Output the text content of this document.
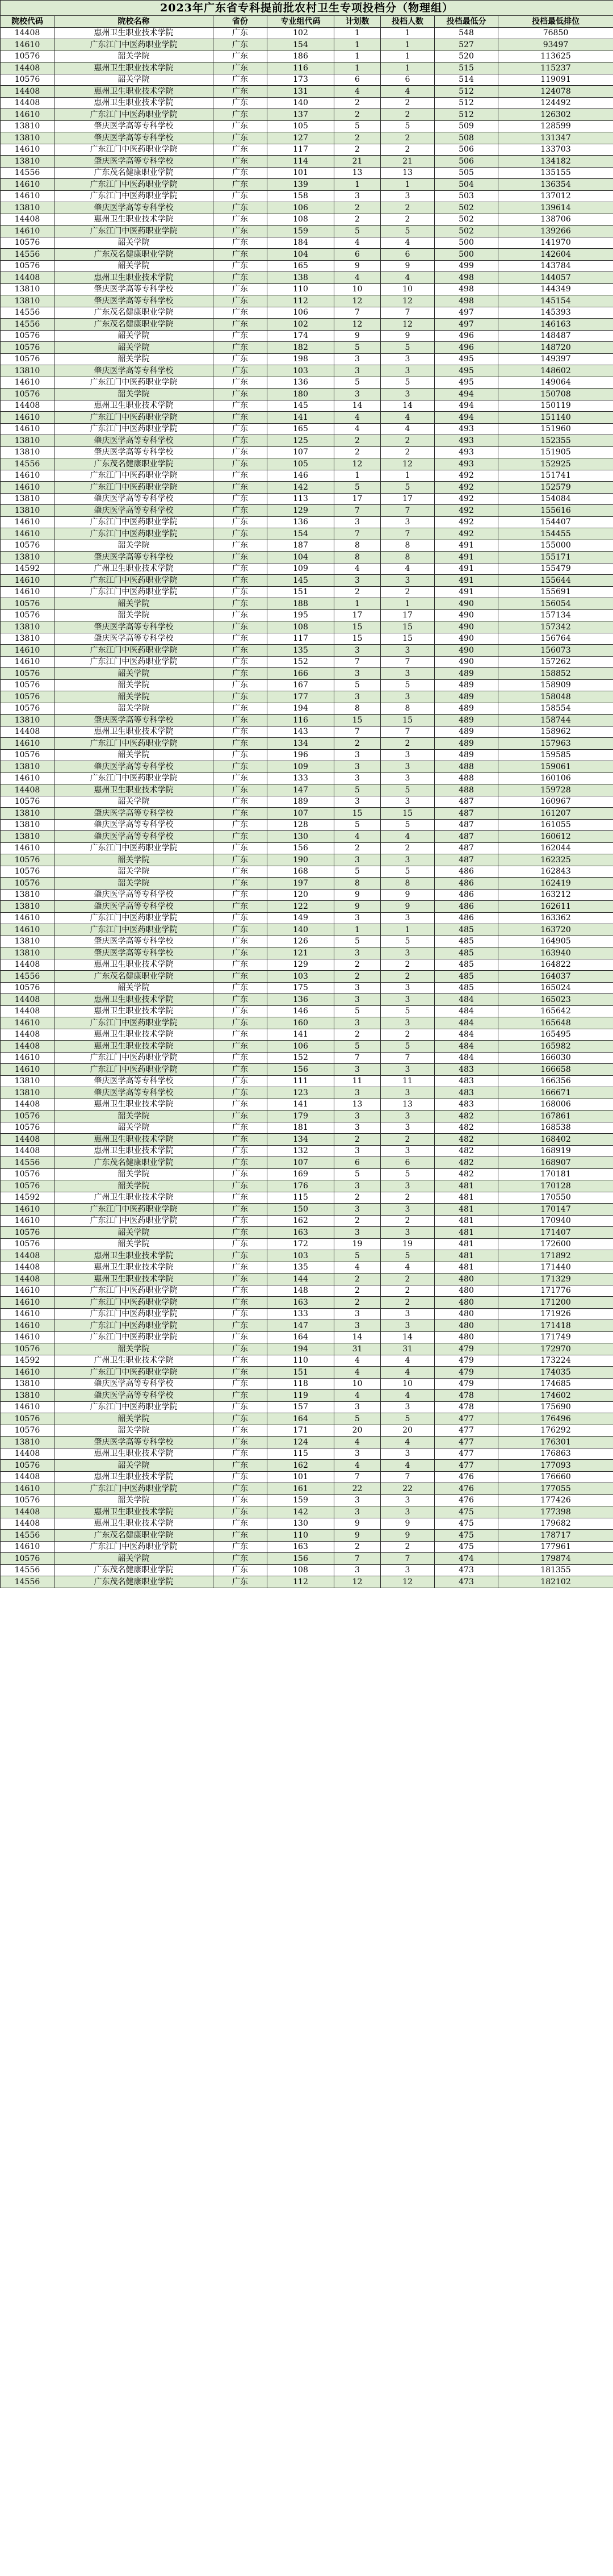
2023年广东省专科提前批农村卫生专项投档分（物理组）							
院校代码	院校名称	省份	专业组代码	计划数	投档人数	投档最低分	投档最低排位
14408	惠州卫生职业技术学院	广东	102	1	1	548	76850
14610	广东江门中医药职业学院	广东	154	1	1	527	93497
10576	韶关学院	广东	186	1	1	520	113625
14408	惠州卫生职业技术学院	广东	116	1	1	515	115237
10576	韶关学院	广东	173	6	6	514	119091
14408	惠州卫生职业技术学院	广东	131	4	4	512	124078
14408	惠州卫生职业技术学院	广东	140	2	2	512	124492
14610	广东江门中医药职业学院	广东	137	2	2	512	126302
13810	肇庆医学高等专科学校	广东	105	5	5	509	128599
13810	肇庆医学高等专科学校	广东	127	2	2	508	131347
14610	广东江门中医药职业学院	广东	117	2	2	506	133703
13810	肇庆医学高等专科学校	广东	114	21	21	506	134182
14556	广东茂名健康职业学院	广东	101	13	13	505	135155
14610	广东江门中医药职业学院	广东	139	1	1	504	136354
14610	广东江门中医药职业学院	广东	158	3	3	503	137012
13810	肇庆医学高等专科学校	广东	106	2	2	502	139614
14408	惠州卫生职业技术学院	广东	108	2	2	502	138706
14610	广东江门中医药职业学院	广东	159	5	5	502	139266
10576	韶关学院	广东	184	4	4	500	141970
14556	广东茂名健康职业学院	广东	104	6	6	500	142604
10576	韶关学院	广东	165	9	9	499	143784
14408	惠州卫生职业技术学院	广东	138	4	4	498	144057
13810	肇庆医学高等专科学校	广东	110	10	10	498	144349
13810	肇庆医学高等专科学校	广东	112	12	12	498	145154
14556	广东茂名健康职业学院	广东	106	7	7	497	145393
14556	广东茂名健康职业学院	广东	102	12	12	497	146163
10576	韶关学院	广东	174	9	9	496	148487
10576	韶关学院	广东	182	5	5	496	148720
10576	韶关学院	广东	198	3	3	495	149397
13810	肇庆医学高等专科学校	广东	103	3	3	495	148602
14610	广东江门中医药职业学院	广东	136	5	5	495	149064
10576	韶关学院	广东	180	3	3	494	150708
14408	惠州卫生职业技术学院	广东	145	14	14	494	150119
14610	广东江门中医药职业学院	广东	141	4	4	494	151140
14610	广东江门中医药职业学院	广东	165	4	4	493	151960
13810	肇庆医学高等专科学校	广东	125	2	2	493	152355
13810	肇庆医学高等专科学校	广东	107	2	2	493	151905
14556	广东茂名健康职业学院	广东	105	12	12	493	152925
14610	广东江门中医药职业学院	广东	146	1	1	492	151741
14610	广东江门中医药职业学院	广东	142	5	5	492	152579
13810	肇庆医学高等专科学校	广东	113	17	17	492	154084
13810	肇庆医学高等专科学校	广东	129	7	7	492	155616
14610	广东江门中医药职业学院	广东	136	3	3	492	154407
14610	广东江门中医药职业学院	广东	154	7	7	492	154455
10576	韶关学院	广东	187	8	8	491	155000
13810	肇庆医学高等专科学校	广东	104	8	8	491	155171
14592	广州卫生职业技术学院	广东	109	4	4	491	155479
14610	广东江门中医药职业学院	广东	145	3	3	491	155644
14610	广东江门中医药职业学院	广东	151	2	2	491	155691
10576	韶关学院	广东	188	1	1	490	156054
10576	韶关学院	广东	195	17	17	490	157134
13810	肇庆医学高等专科学校	广东	108	15	15	490	157342
13810	肇庆医学高等专科学校	广东	117	15	15	490	156764
14610	广东江门中医药职业学院	广东	135	3	3	490	156073
14610	广东江门中医药职业学院	广东	152	7	7	490	157262
10576	韶关学院	广东	166	3	3	489	158852
10576	韶关学院	广东	167	5	5	489	158909
10576	韶关学院	广东	177	3	3	489	158048
10576	韶关学院	广东	194	8	8	489	158554
13810	肇庆医学高等专科学校	广东	116	15	15	489	158744
14408	惠州卫生职业技术学院	广东	143	7	7	489	158962
14610	广东江门中医药职业学院	广东	134	2	2	489	157963
10576	韶关学院	广东	196	3	3	489	159585
13810	肇庆医学高等专科学校	广东	109	3	3	488	159061
14610	广东江门中医药职业学院	广东	133	3	3	488	160106
14408	惠州卫生职业技术学院	广东	147	5	5	488	159728
10576	韶关学院	广东	189	3	3	487	160967
13810	肇庆医学高等专科学校	广东	107	15	15	487	161207
13810	肇庆医学高等专科学校	广东	128	5	5	487	161055
13810	肇庆医学高等专科学校	广东	130	4	4	487	160612
14610	广东江门中医药职业学院	广东	156	2	2	487	162044
10576	韶关学院	广东	190	3	3	487	162325
10576	韶关学院	广东	168	5	5	486	162843
10576	韶关学院	广东	197	8	8	486	162419
13810	肇庆医学高等专科学校	广东	120	9	9	486	163212
13810	肇庆医学高等专科学校	广东	122	9	9	486	162611
14610	广东江门中医药职业学院	广东	149	3	3	486	163362
14610	广东江门中医药职业学院	广东	140	1	1	485	163720
13810	肇庆医学高等专科学校	广东	126	5	5	485	164905
13810	肇庆医学高等专科学校	广东	121	3	3	485	163940
14408	惠州卫生职业技术学院	广东	129	2	2	485	164822
14556	广东茂名健康职业学院	广东	103	2	2	485	164037
10576	韶关学院	广东	175	3	3	485	165024
14408	惠州卫生职业技术学院	广东	136	3	3	484	165023
14408	惠州卫生职业技术学院	广东	146	5	5	484	165642
14610	广东江门中医药职业学院	广东	160	3	3	484	165648
14408	惠州卫生职业技术学院	广东	141	2	2	484	165495
14408	惠州卫生职业技术学院	广东	106	5	5	484	165982
14610	广东江门中医药职业学院	广东	152	7	7	484	166030
14610	广东江门中医药职业学院	广东	156	3	3	483	166658
13810	肇庆医学高等专科学校	广东	111	11	11	483	166356
13810	肇庆医学高等专科学校	广东	123	3	3	483	166671
14408	惠州卫生职业技术学院	广东	141	13	13	483	168006
10576	韶关学院	广东	179	3	3	482	167861
10576	韶关学院	广东	181	3	3	482	168538
14408	惠州卫生职业技术学院	广东	134	2	2	482	168402
14408	惠州卫生职业技术学院	广东	132	3	3	482	168919
14556	广东茂名健康职业学院	广东	107	6	6	482	168907
10576	韶关学院	广东	169	5	5	482	170181
10576	韶关学院	广东	176	3	3	481	170128
14592	广州卫生职业技术学院	广东	115	2	2	481	170550
14610	广东江门中医药职业学院	广东	150	3	3	481	170147
14610	广东江门中医药职业学院	广东	162	2	2	481	170940
10576	韶关学院	广东	163	3	3	481	171407
10576	韶关学院	广东	172	19	19	481	172600
14408	惠州卫生职业技术学院	广东	103	5	5	481	171892
14408	惠州卫生职业技术学院	广东	135	4	4	481	171440
14408	惠州卫生职业技术学院	广东	144	2	2	480	171329
14610	广东江门中医药职业学院	广东	148	2	2	480	171776
14610	广东江门中医药职业学院	广东	163	2	2	480	171200
14610	广东江门中医药职业学院	广东	133	3	3	480	171926
14610	广东江门中医药职业学院	广东	147	3	3	480	171418
14610	广东江门中医药职业学院	广东	164	14	14	480	171749
10576	韶关学院	广东	194	31	31	479	172970
14592	广州卫生职业技术学院	广东	110	4	4	479	173224
14610	广东江门中医药职业学院	广东	151	4	4	479	174035
13810	肇庆医学高等专科学校	广东	118	10	10	479	174685
13810	肇庆医学高等专科学校	广东	119	4	4	478	174602
14610	广东江门中医药职业学院	广东	157	3	3	478	175690
10576	韶关学院	广东	164	5	5	477	176496
10576	韶关学院	广东	171	20	20	477	176292
13810	肇庆医学高等专科学校	广东	124	4	4	477	176301
14408	惠州卫生职业技术学院	广东	115	3	3	477	176863
10576	韶关学院	广东	162	4	4	477	177093
14408	惠州卫生职业技术学院	广东	101	7	7	476	176660
14610	广东江门中医药职业学院	广东	161	22	22	476	177055
10576	韶关学院	广东	159	3	3	476	177426
14408	惠州卫生职业技术学院	广东	142	3	3	475	177398
14408	惠州卫生职业技术学院	广东	130	9	9	475	179682
14556	广东茂名健康职业学院	广东	110	9	9	475	178717
14610	广东江门中医药职业学院	广东	163	2	2	475	177961
10576	韶关学院	广东	156	7	7	474	179874
14556	广东茂名健康职业学院	广东	108	3	3	473	181355
14556	广东茂名健康职业学院	广东	112	12	12	473	182102
